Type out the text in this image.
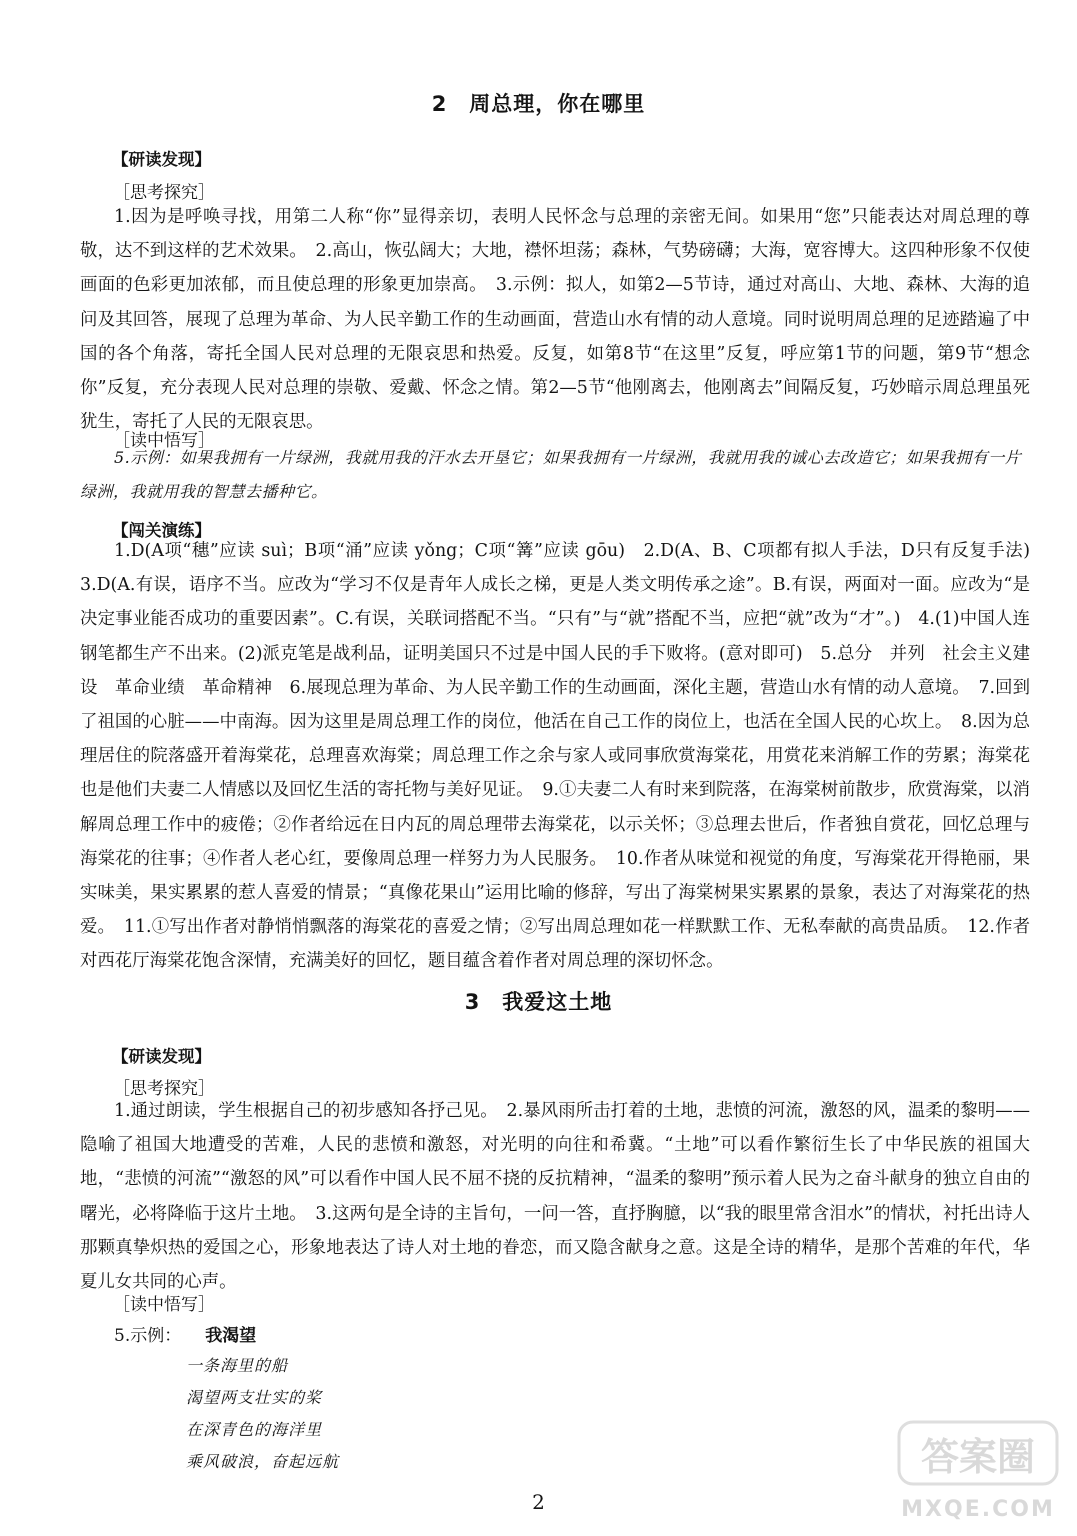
2　周总理，你在哪里
【研读发现】
［思考探究］
1.因为是呼唤寻找，用第二人称“你”显得亲切，表明人民怀念与总理的亲密无间。如果用“您”只能表达对周总理的尊敬，达不到这样的艺术效果。　2.高山，恢弘阔大；大地，襟怀坦荡；森林，气势磅礴；大海，宽容博大。这四种形象不仅使画面的色彩更加浓郁，而且使总理的形象更加崇高。　3.示例：拟人，如第2—5节诗，通过对高山、大地、森林、大海的追问及其回答，展现了总理为革命、为人民辛勤工作的生动画面，营造山水有情的动人意境。同时说明周总理的足迹踏遍了中国的各个角落，寄托全国人民对总理的无限哀思和热爱。反复，如第8节“在这里”反复，呼应第1节的问题，第9节“想念你”反复，充分表现人民对总理的崇敬、爱戴、怀念之情。第2—5节“他刚离去，他刚离去”间隔反复，巧妙暗示周总理虽死犹生，寄托了人民的无限哀思。
［读中悟写］
5.示例：如果我拥有一片绿洲，我就用我的汗水去开垦它；如果我拥有一片绿洲，我就用我的诚心去改造它；如果我拥有一片绿洲，我就用我的智慧去播种它。
【闯关演练】
1.D(A项“穗”应读 suì；B项“涌”应读 yǒng；C项“篝”应读 gōu)　2.D(A、B、C项都有拟人手法，D只有反复手法)　3.D(A.有误，语序不当。应改为“学习不仅是青年人成长之梯，更是人类文明传承之途”。B.有误，两面对一面。应改为“是决定事业能否成功的重要因素”。C.有误，关联词搭配不当。“只有”与“就”搭配不当，应把“就”改为“才”。)　4.(1)中国人连钢笔都生产不出来。(2)派克笔是战利品，证明美国只不过是中国人民的手下败将。(意对即可)　5.总分　并列　社会主义建设　革命业绩　革命精神　6.展现总理为革命、为人民辛勤工作的生动画面，深化主题，营造山水有情的动人意境。　7.回到了祖国的心脏——中南海。因为这里是周总理工作的岗位，他活在自己工作的岗位上，也活在全国人民的心坎上。　8.因为总理居住的院落盛开着海棠花，总理喜欢海棠；周总理工作之余与家人或同事欣赏海棠花，用赏花来消解工作的劳累；海棠花也是他们夫妻二人情感以及回忆生活的寄托物与美好见证。　9.①夫妻二人有时来到院落，在海棠树前散步，欣赏海棠，以消解周总理工作中的疲倦；②作者给远在日内瓦的周总理带去海棠花，以示关怀；③总理去世后，作者独自赏花，回忆总理与海棠花的往事；④作者人老心红，要像周总理一样努力为人民服务。　10.作者从味觉和视觉的角度，写海棠花开得艳丽，果实味美，果实累累的惹人喜爱的情景；“真像花果山”运用比喻的修辞，写出了海棠树果实累累的景象，表达了对海棠花的热爱。　11.①写出作者对静悄悄飘落的海棠花的喜爱之情；②写出周总理如花一样默默工作、无私奉献的高贵品质。　12.作者对西花厅海棠花饱含深情，充满美好的回忆，题目蕴含着作者对周总理的深切怀念。
3　我爱这土地
【研读发现】
［思考探究］
1.通过朗读，学生根据自己的初步感知各抒己见。　2.暴风雨所击打着的土地，悲愤的河流，激怒的风，温柔的黎明——隐喻了祖国大地遭受的苦难，人民的悲愤和激怒，对光明的向往和希冀。“土地”可以看作繁衍生长了中华民族的祖国大地，“悲愤的河流”“激怒的风”可以看作中国人民不屈不挠的反抗精神，“温柔的黎明”预示着人民为之奋斗献身的独立自由的曙光，必将降临于这片土地。　3.这两句是全诗的主旨句，一问一答，直抒胸臆，以“我的眼里常含泪水”的情状，衬托出诗人那颗真挚炽热的爱国之心，形象地表达了诗人对土地的眷恋，而又隐含献身之意。这是全诗的精华，是那个苦难的年代，华夏儿女共同的心声。
［读中悟写］
5.示例： 我渴望
一条海里的船
渴望两支壮实的桨
在深青色的海洋里
乘风破浪，奋起远航
2
答案圈
MXQE.COM
